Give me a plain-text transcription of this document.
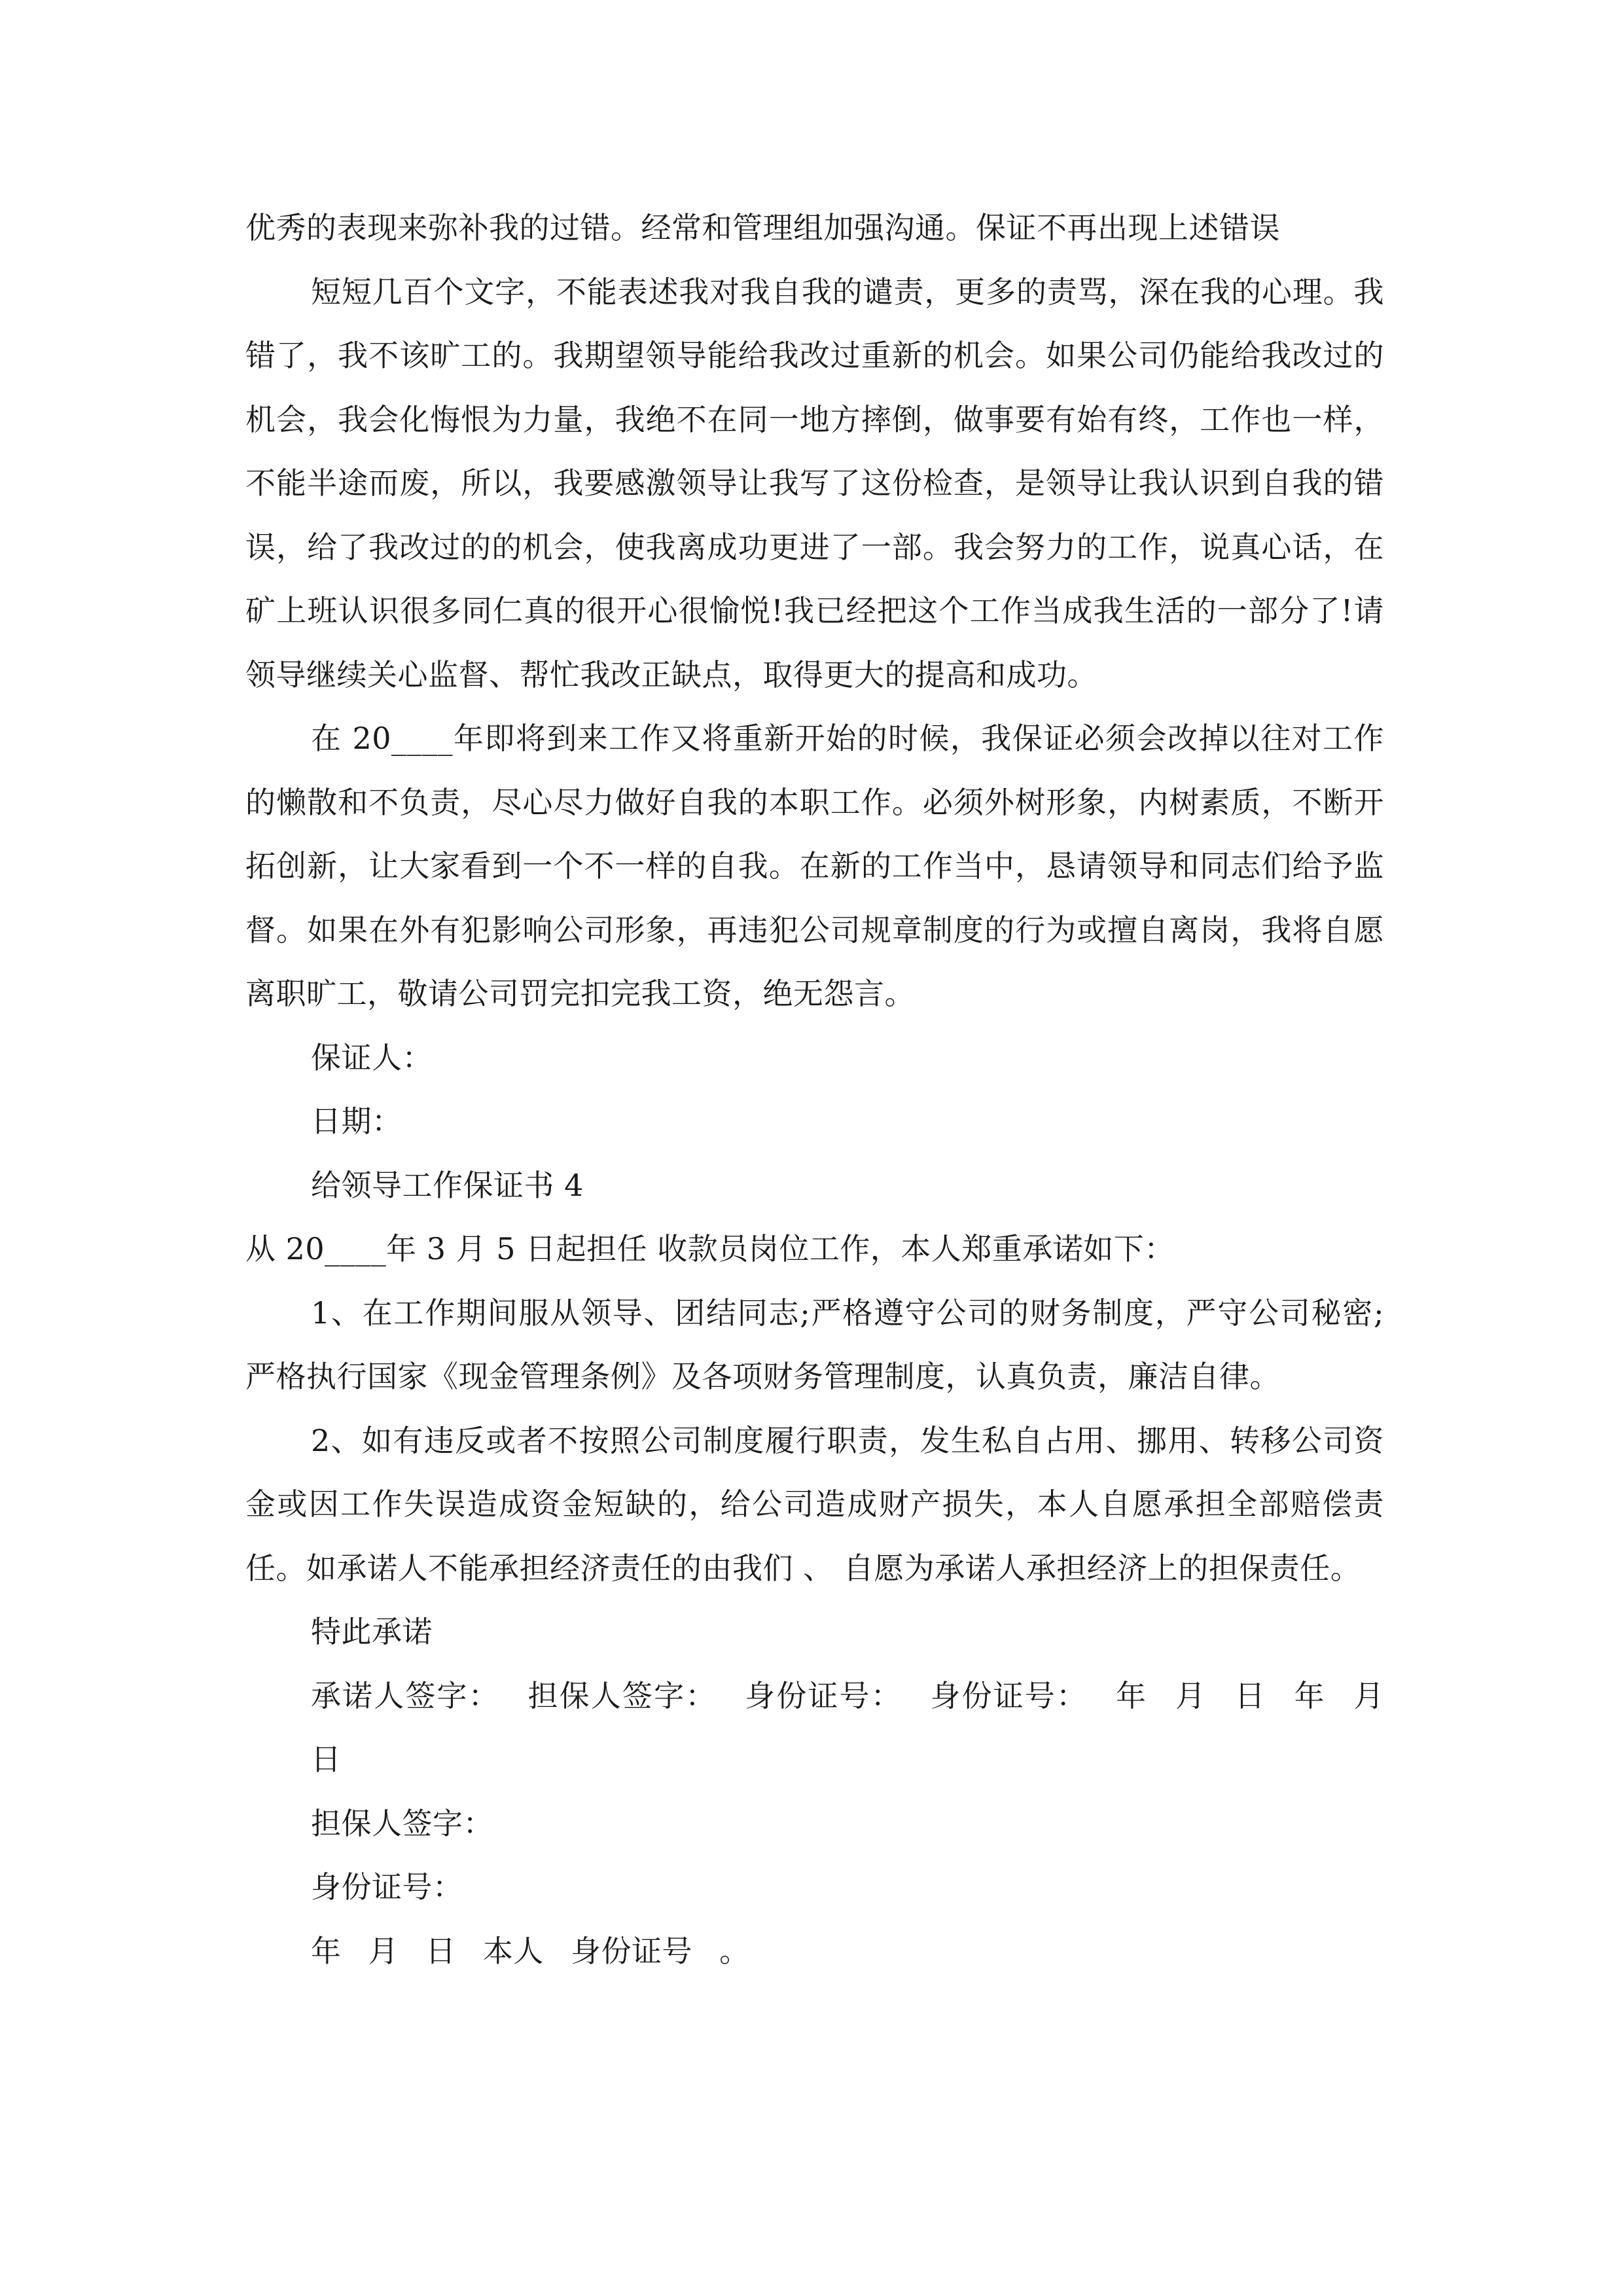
优秀的表现来弥补我的过错。经常和管理组加强沟通。保证不再出现上述错误

短短几百个文字，不能表述我对我自我的谴责，更多的责骂，深在我的心理。我错了，我不该旷工的。我期望领导能给我改过重新的机会。如果公司仍能给我改过的机会，我会化悔恨为力量，我绝不在同一地方摔倒，做事要有始有终，工作也一样，不能半途而废，所以，我要感激领导让我写了这份检查，是领导让我认识到自我的错误，给了我改过的的机会，使我离成功更进了一部。我会努力的工作，说真心话，在矿上班认识很多同仁真的很开心很愉悦!我已经把这个工作当成我生活的一部分了!请领导继续关心监督、帮忙我改正缺点，取得更大的提高和成功。

在 20____年即将到来工作又将重新开始的时候，我保证必须会改掉以往对工作的懒散和不负责，尽心尽力做好自我的本职工作。必须外树形象，内树素质，不断开拓创新，让大家看到一个不一样的自我。在新的工作当中，恳请领导和同志们给予监督。如果在外有犯影响公司形象，再违犯公司规章制度的行为或擅自离岗，我将自愿离职旷工，敬请公司罚完扣完我工资，绝无怨言。

保证人：

日期：

给领导工作保证书 4

从 20____年 3 月 5 日起担任 收款员岗位工作，本人郑重承诺如下：

1、在工作期间服从领导、团结同志;严格遵守公司的财务制度，严守公司秘密;严格执行国家《现金管理条例》及各项财务管理制度，认真负责，廉洁自律。

2、如有违反或者不按照公司制度履行职责，发生私自占用、挪用、转移公司资金或因工作失误造成资金短缺的，给公司造成财产损失，本人自愿承担全部赔偿责任。如承诺人不能承担经济责任的由我们 、 自愿为承诺人承担经济上的担保责任。

特此承诺

承诺人签字： 担保人签字： 身份证号： 身份证号： 年 月 日 年 月 日

担保人签字：

身份证号：

年 月 日 本人 身份证号 。
